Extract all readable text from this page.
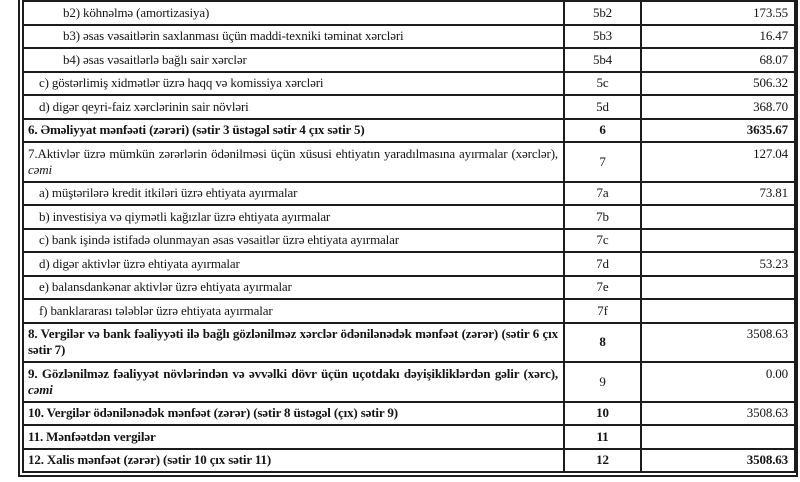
b2) köhnəlmə (amortizasiya)	5b2	173.55
b3) əsas vəsaitlərin saxlanması üçün maddi-texniki təminat xərcləri	5b3	16.47
b4) əsas vəsaitlərlə bağlı sair xərclər	5b4	68.07
c) göstərlimiş xidmətlər üzrə haqq və komissiya xərcləri	5c	506.32
d) digər qeyri-faiz xərclərinin sair növləri	5d	368.70
6. Əməliyyat mənfəəti (zərəri) (sətir 3 üstəgəl sətir 4 çıx sətir 5)	6	3635.67
7.Aktivlər üzrə mümkün zərərlərin ödənilməsi üçün xüsusi ehtiyatın yaradılmasına ayırmalar (xərclər), cəmi	7	127.04
a) müştərilərə kredit itkiləri üzrə ehtiyata ayırmalar	7a	73.81
b) investisiya və qiymətli kağızlar üzrə ehtiyata ayırmalar	7b	
c) bank işində istifadə olunmayan əsas vəsaitlər üzrə ehtiyata ayırmalar	7c	
d) digər aktivlər üzrə ehtiyata ayırmalar	7d	53.23
e) balansdankənar aktivlər üzrə ehtiyata ayırmalar	7e	
f) banklararası tələblər üzrə ehtiyata ayırmalar	7f	
8. Vergilər və bank fəaliyyəti ilə bağlı gözlənilməz xərclər ödənilənədək mənfəət (zərər) (sətir 6 çıx sətir 7)	8	3508.63
9. Gözlənilməz fəaliyyət növlərindən və əvvəlki dövr üçün uçotdakı dəyişikliklərdən gəlir (xərc), cəmi	9	0.00
10. Vergilər ödənilənədək mənfəət (zərər) (sətir 8 üstəgəl (çıx) sətir 9)	10	3508.63
11. Mənfəətdən vergilər	11	
12. Xalis mənfəət (zərər) (sətir 10 çıx sətir 11)	12	3508.63
